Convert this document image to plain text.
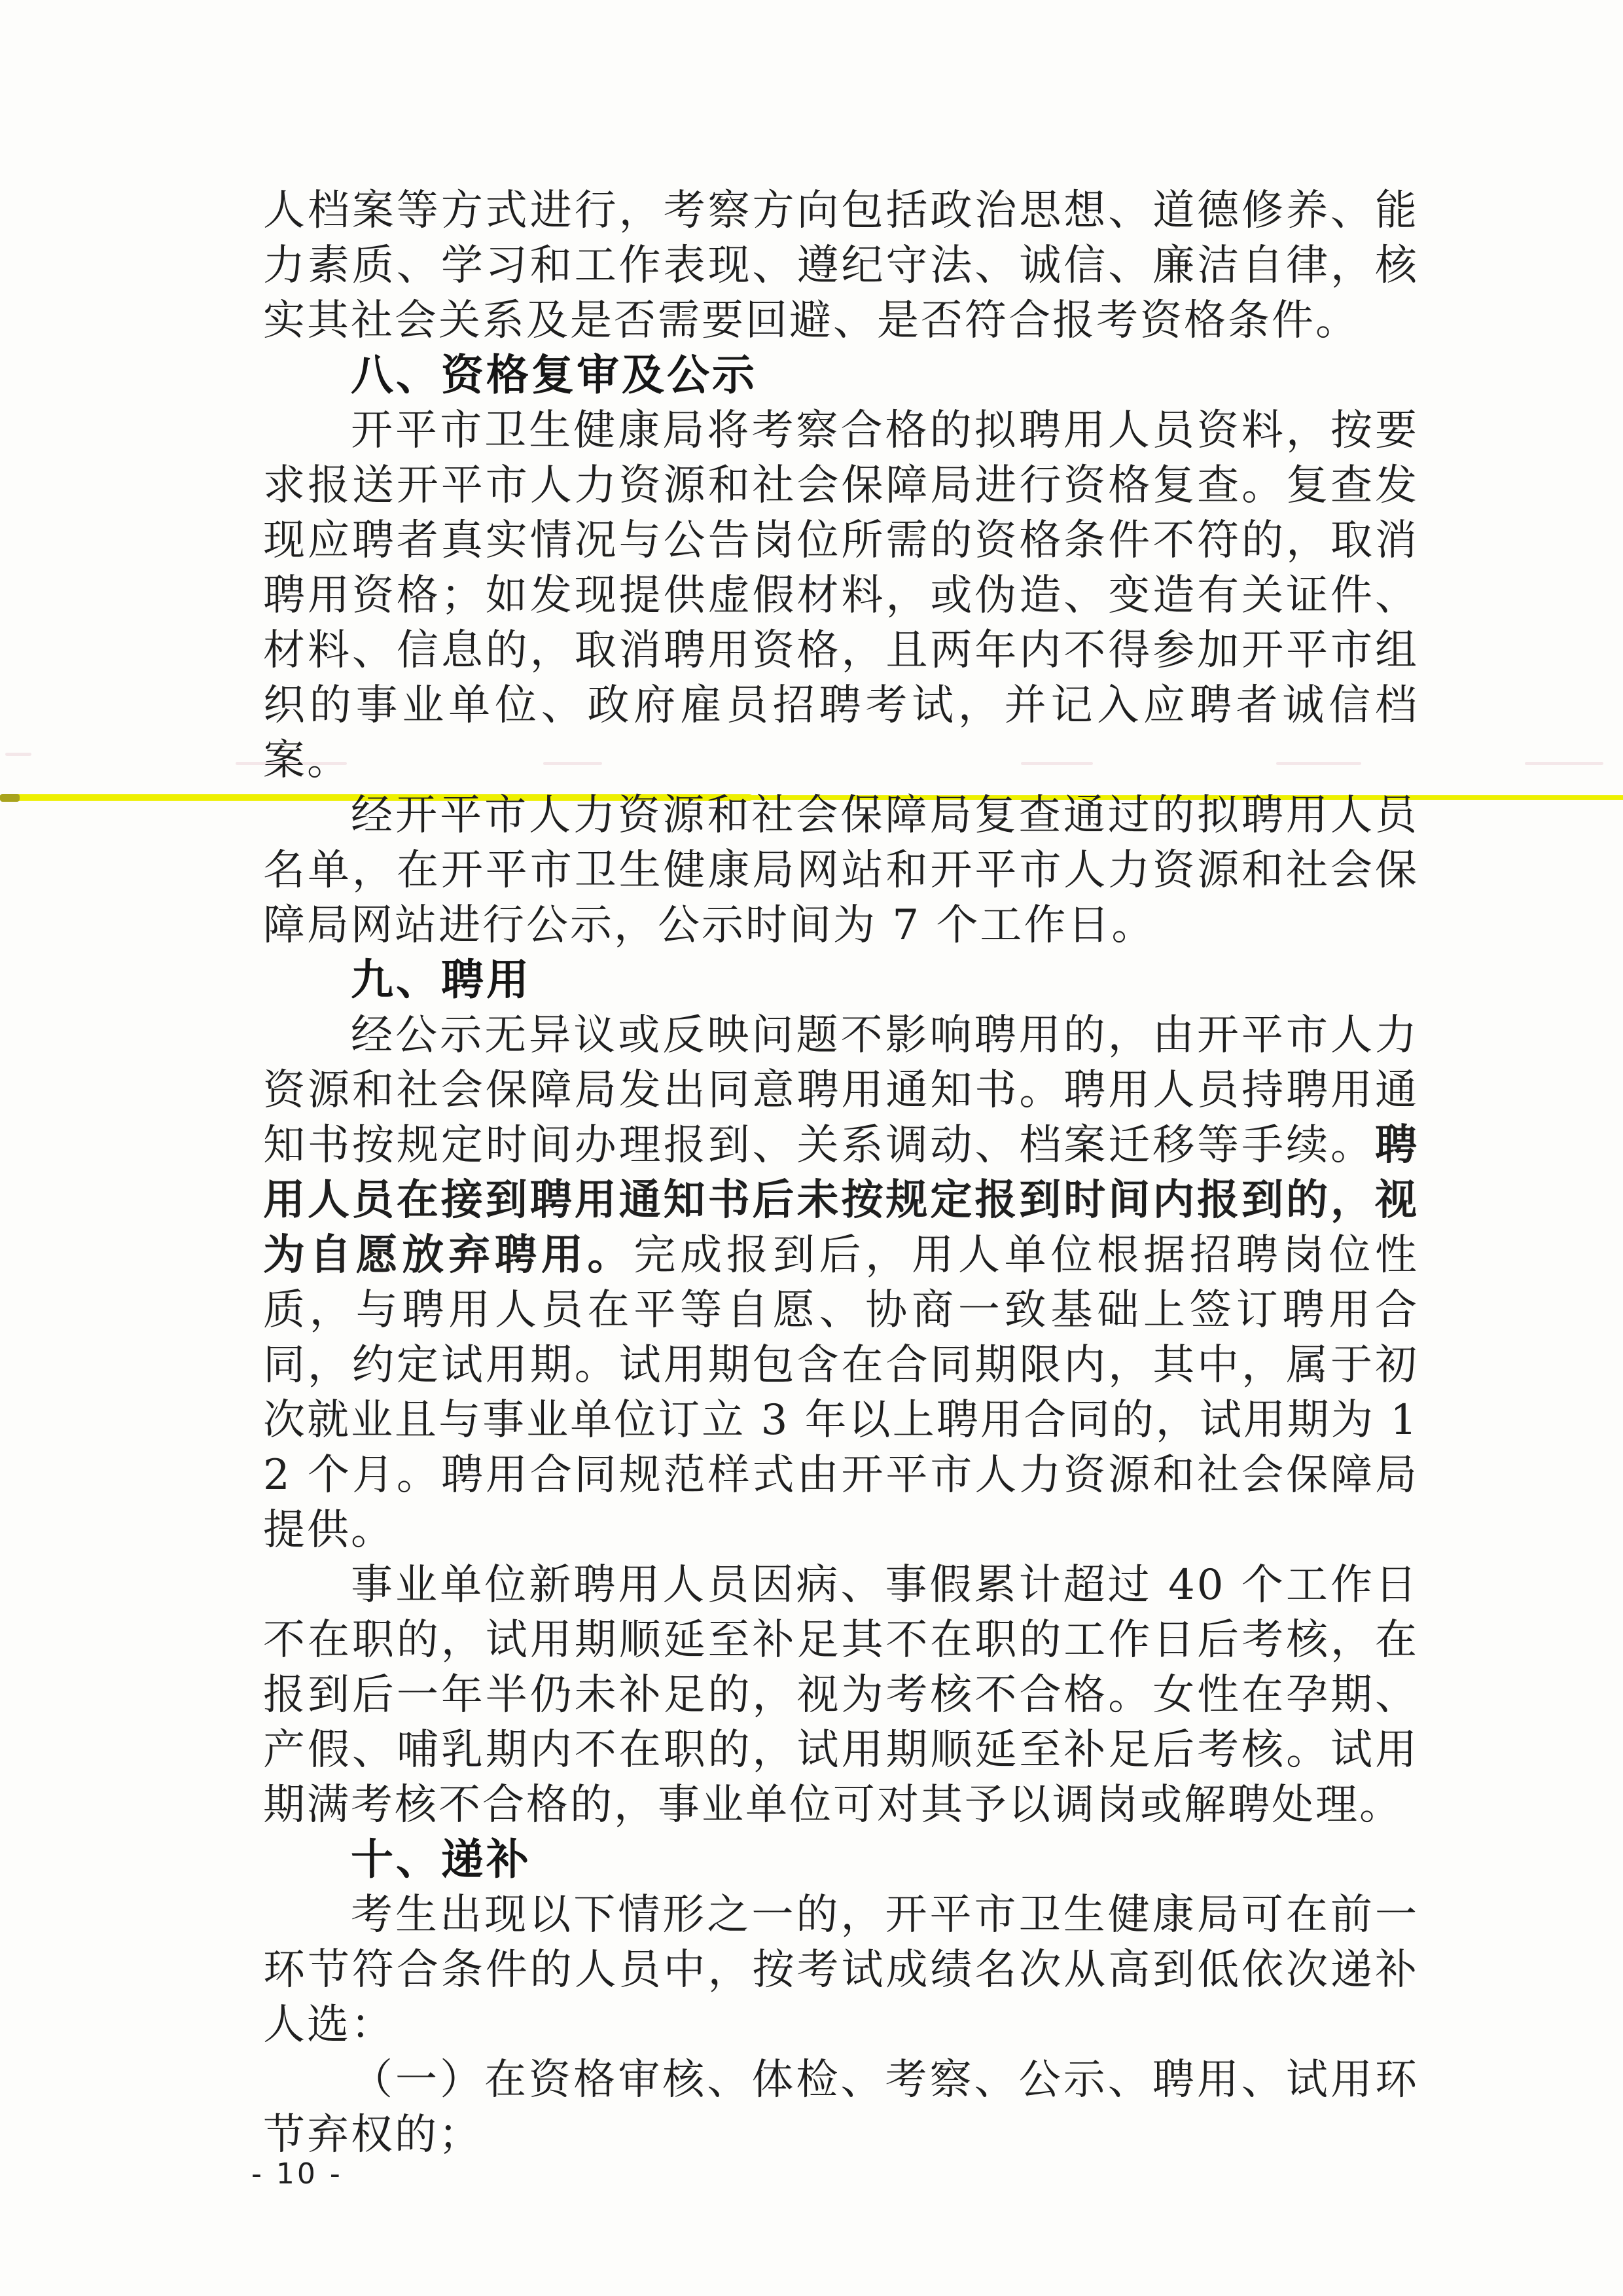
人档案等方式进行，考察方向包括政治思想、道德修养、能力素质、学习和工作表现、遵纪守法、诚信、廉洁自律，核实其社会关系及是否需要回避、是否符合报考资格条件。

八、资格复审及公示

开平市卫生健康局将考察合格的拟聘用人员资料，按要求报送开平市人力资源和社会保障局进行资格复查。复查发现应聘者真实情况与公告岗位所需的资格条件不符的，取消聘用资格；如发现提供虚假材料，或伪造、变造有关证件、材料、信息的，取消聘用资格，且两年内不得参加开平市组织的事业单位、政府雇员招聘考试，并记入应聘者诚信档案。

经开平市人力资源和社会保障局复查通过的拟聘用人员名单，在开平市卫生健康局网站和开平市人力资源和社会保障局网站进行公示，公示时间为 7 个工作日。

九、聘用

经公示无异议或反映问题不影响聘用的，由开平市人力资源和社会保障局发出同意聘用通知书。聘用人员持聘用通知书按规定时间办理报到、关系调动、档案迁移等手续。聘用人员在接到聘用通知书后未按规定报到时间内报到的，视为自愿放弃聘用。完成报到后，用人单位根据招聘岗位性质，与聘用人员在平等自愿、协商一致基础上签订聘用合同，约定试用期。试用期包含在合同期限内，其中，属于初次就业且与事业单位订立 3 年以上聘用合同的，试用期为 12 个月。聘用合同规范样式由开平市人力资源和社会保障局提供。

事业单位新聘用人员因病、事假累计超过 40 个工作日不在职的，试用期顺延至补足其不在职的工作日后考核，在报到后一年半仍未补足的，视为考核不合格。女性在孕期、产假、哺乳期内不在职的，试用期顺延至补足后考核。试用期满考核不合格的，事业单位可对其予以调岗或解聘处理。

十、递补

考生出现以下情形之一的，开平市卫生健康局可在前一环节符合条件的人员中，按考试成绩名次从高到低依次递补人选：

（一）在资格审核、体检、考察、公示、聘用、试用环节弃权的；

- 10 -
